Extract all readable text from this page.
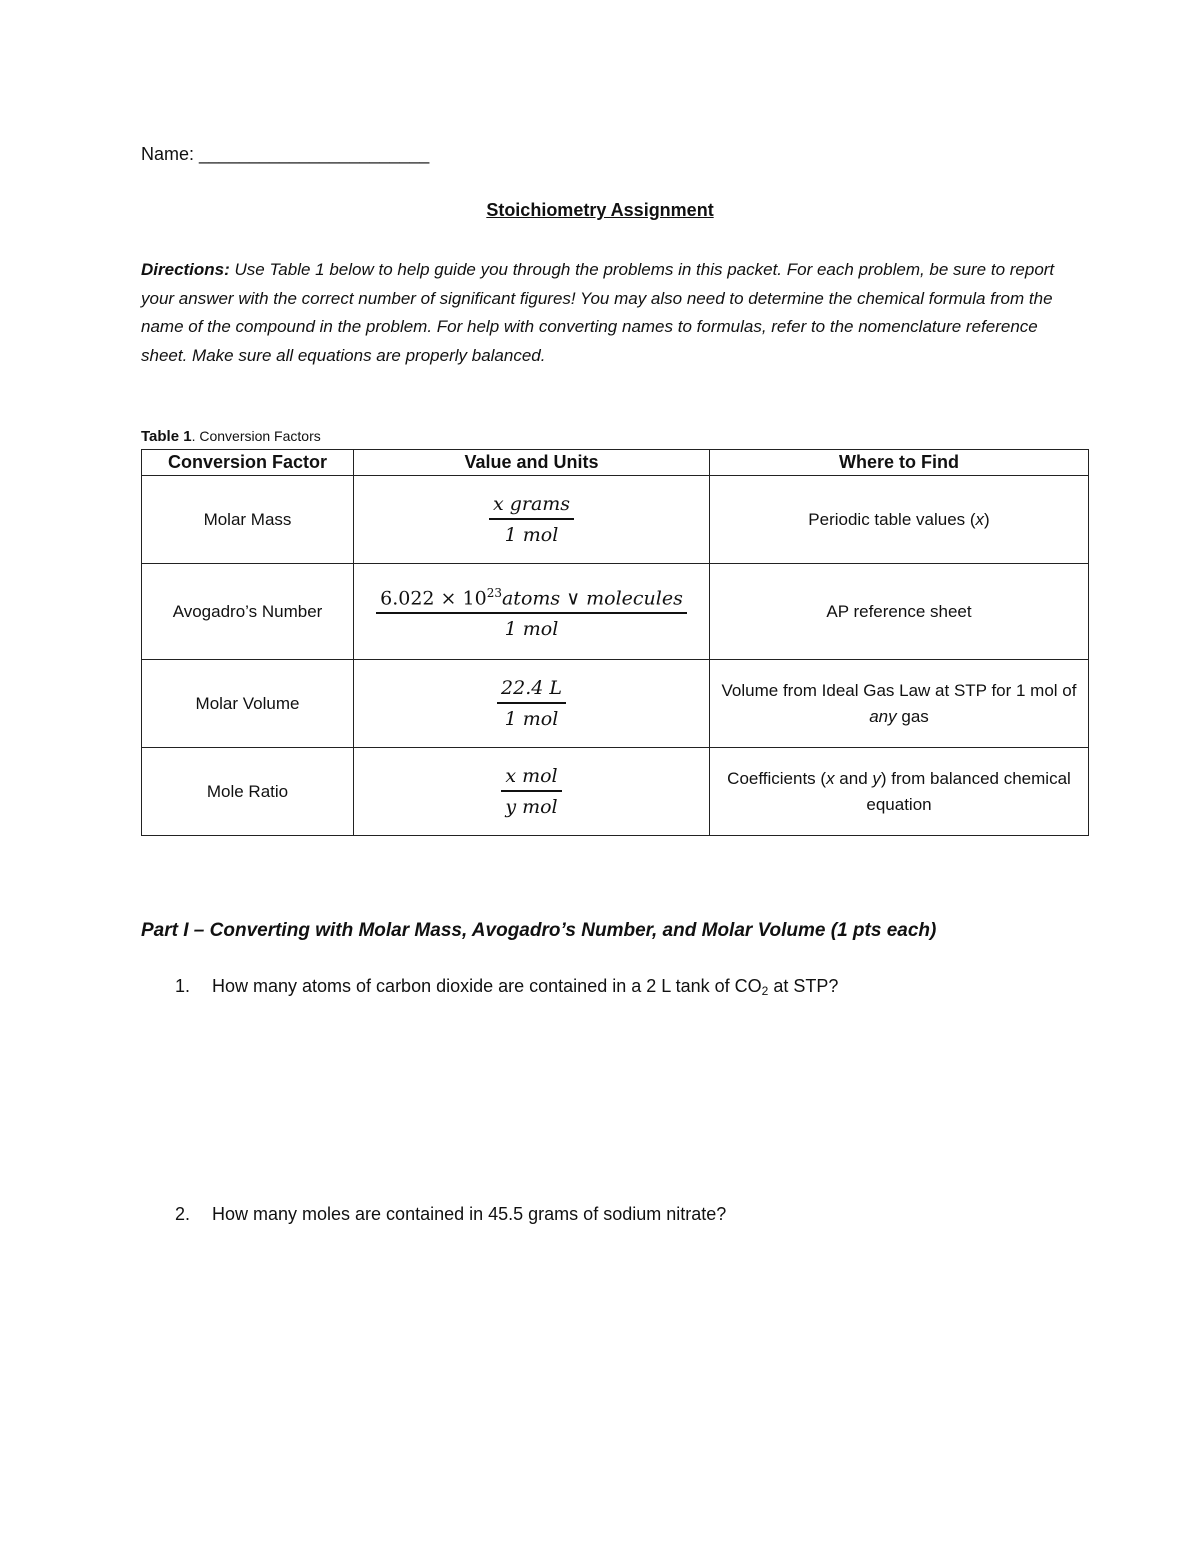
Name: _______________________
Stoichiometry Assignment
Directions: Use Table 1 below to help guide you through the problems in this packet. For each problem, be sure to report your answer with the correct number of significant figures! You may also need to determine the chemical formula from the name of the compound in the problem. For help with converting names to formulas, refer to the nomenclature reference sheet. Make sure all equations are properly balanced.
Table 1. Conversion Factors
Conversion Factor	Value and Units	Where to Find
Molar Mass	$\frac{\text{x grams}}{\text{1 mol}}$	Periodic table values (x)
Avogadro’s Number	$\frac{6.022 \times 10^{23}atoms \vee molecules}{\text{1 mol}}$	AP reference sheet
Molar Volume	$\frac{22.4 L}{\text{1 mol}}$	Volume from Ideal Gas Law at STP for 1 mol of any gas
Mole Ratio	$\frac{\text{x mol}}{\text{y mol}}$	Coefficients (x and y) from balanced chemical equation
Part I – Converting with Molar Mass, Avogadro’s Number, and Molar Volume (1 pts each)
1. How many atoms of carbon dioxide are contained in a 2 L tank of $CO_2$ at STP?
2. How many moles are contained in 45.5 grams of sodium nitrate?
